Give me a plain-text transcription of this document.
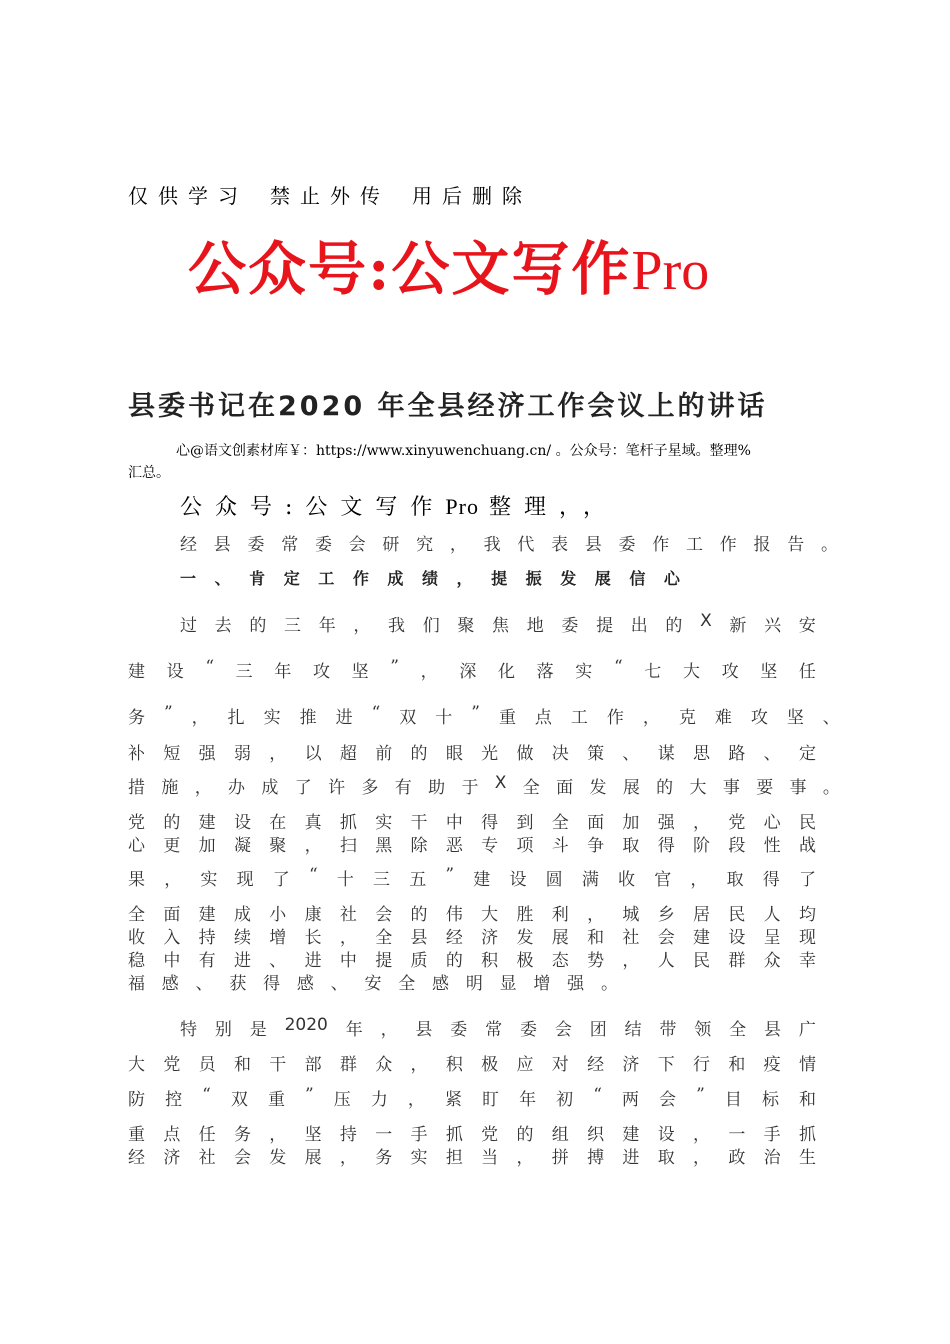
仅供学习 禁止外传 用后删除
公众号:公文写作Pro
县委书记在2020 年全县经济工作会议上的讲话
心@语文创素材库￥：https://www.xinyuwenchuang.cn/ 。公众号：笔杆子星域。整理%
汇总。
公众号:公文写作Pro 整理，，
经 县 委 常 委 会 研 究 ， 我 代 表 县 委 作 工 作 报 告 。
一 、 肯 定 工 作 成 绩 ， 提 振 发 展 信 心
过 去 的 三 年 ， 我 们 聚 焦 地 委 提 出 的 X 新 兴 安
建 设 “ 三 年 攻 坚 ” ， 深 化 落 实 “ 七 大 攻 坚 任
务 ” ， 扎 实 推 进 “ 双 十 ” 重 点 工 作 ， 克 难 攻 坚 、
补 短 强 弱 ， 以 超 前 的 眼 光 做 决 策 、 谋 思 路 、 定
措 施 ， 办 成 了 许 多 有 助 于 X 全 面 发 展 的 大 事 要 事 。
党 的 建 设 在 真 抓 实 干 中 得 到 全 面 加 强 ， 党 心 民
心 更 加 凝 聚 ， 扫 黑 除 恶 专 项 斗 争 取 得 阶 段 性 战
果 ， 实 现 了 “ 十 三 五 ” 建 设 圆 满 收 官 ， 取 得 了
全 面 建 成 小 康 社 会 的 伟 大 胜 利 ， 城 乡 居 民 人 均
收 入 持 续 增 长 ， 全 县 经 济 发 展 和 社 会 建 设 呈 现
稳 中 有 进 、 进 中 提 质 的 积 极 态 势 ， 人 民 群 众 幸
福 感 、 获 得 感 、 安 全 感 明 显 增 强 。
特 别 是 2020 年 ， 县 委 常 委 会 团 结 带 领 全 县 广
大 党 员 和 干 部 群 众 ， 积 极 应 对 经 济 下 行 和 疫 情
防 控 “ 双 重 ” 压 力 ， 紧 盯 年 初 “ 两 会 ” 目 标 和
重 点 任 务 ， 坚 持 一 手 抓 党 的 组 织 建 设 ， 一 手 抓
经 济 社 会 发 展 ， 务 实 担 当 ， 拼 搏 进 取 ， 政 治 生
